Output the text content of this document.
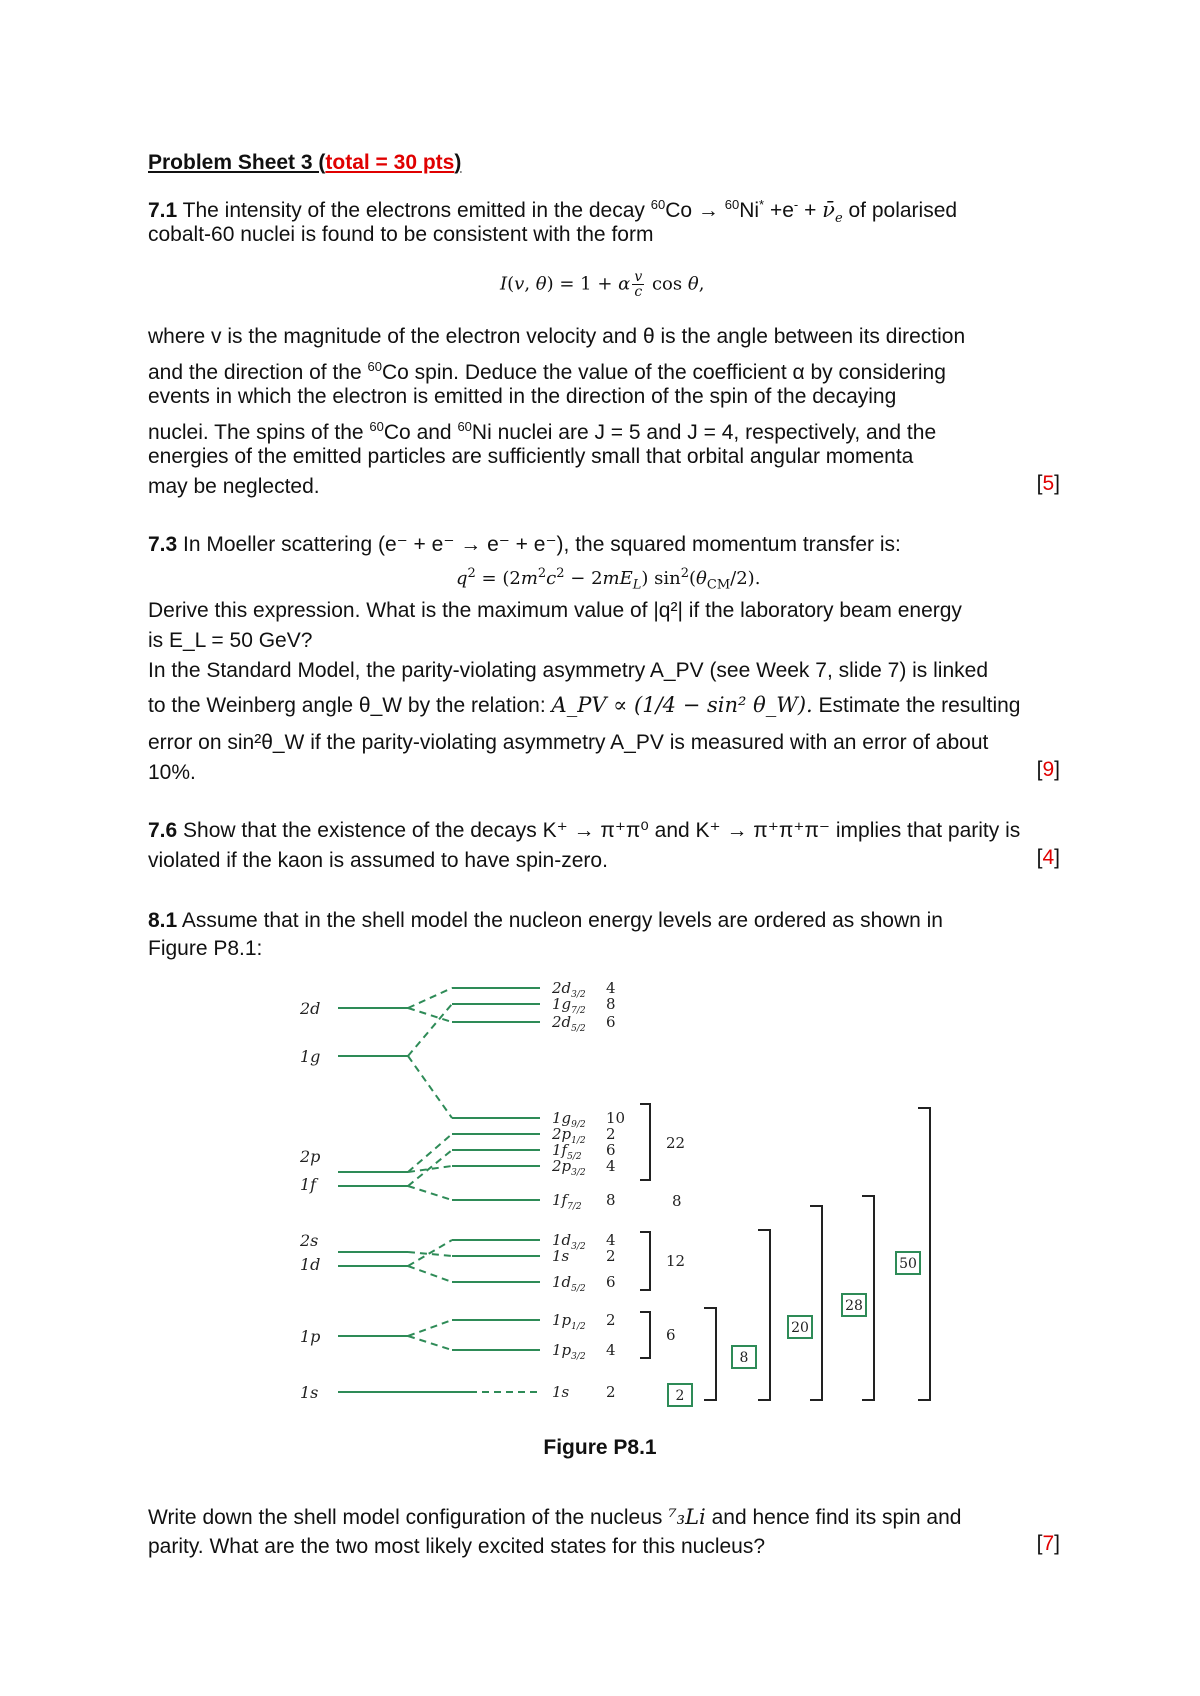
Problem Sheet 3 (total = 30 pts)
7.1 The intensity of the electrons emitted in the decay $^{60}Co \to ^{60}Ni^* +e^- + \nū_e$ of polarised
cobalt-60 nuclei is found to be consistent with the form
I(v, θ) = 1 + α $\frac{v}{c}$ cos θ,
where v is the magnitude of the electron velocity and θ is the angle between its direction
and the direction of the $^{60}$Co spin. Deduce the value of the coefficient α by considering
events in which the electron is emitted in the direction of the spin of the decaying
nuclei. The spins of the $^{60}$Co and $^{60}$Ni nuclei are J = 5 and J = 4, respectively, and the
energies of the emitted particles are sufficiently small that orbital angular momenta
may be neglected.	[5]
7.3 In Moeller scattering (e⁻ + e⁻ → e⁻ + e⁻), the squared momentum transfer is:
$q^2 = (2m^2c^2 - 2mE_L)$ $\sin^2(\theta_{CM}/2)$.
Derive this expression. What is the maximum value of |q²| if the laboratory beam energy
is E_L = 50 GeV?
In the Standard Model, the parity-violating asymmetry A_PV (see Week 7, slide 7) is linked
to the Weinberg angle θ_W by the relation: A_PV ∝ (1/4 − sin² θ_W). Estimate the resulting
error on sin²θ_W if the parity-violating asymmetry A_PV is measured with an error of about
10%.	[9]
7.6 Show that the existence of the decays K⁺ → π⁺π⁰ and K⁺ → π⁺π⁺π⁻ implies that parity is
violated if the kaon is assumed to have spin-zero.	[4]
8.1 Assume that in the shell model the nucleon energy levels are ordered as shown in
Figure P8.1:
2d
1g
2p
1f
2s
1d
1p
1s
$2d_{3/2}$ 4
$1g_{7/2}$ 8
$2d_{5/2}$ 6
$1g_{9/2}$ 10
$2p_{1/2}$ 2
$1f_{5/2}$ 6
$2p_{3/2}$ 4
$1f_{7/2}$ 8
$1d_{3/2}$ 4
1s 2
$1d_{5/2}$ 6
$1p_{1/2}$ 2
$1p_{3/2}$ 4
1s 2
22
12
6
8
2
8
20
28
50
Figure P8.1
Write down the shell model configuration of the nucleus ⁷₃Li and hence find its spin and
parity. What are the two most likely excited states for this nucleus?	[7]
